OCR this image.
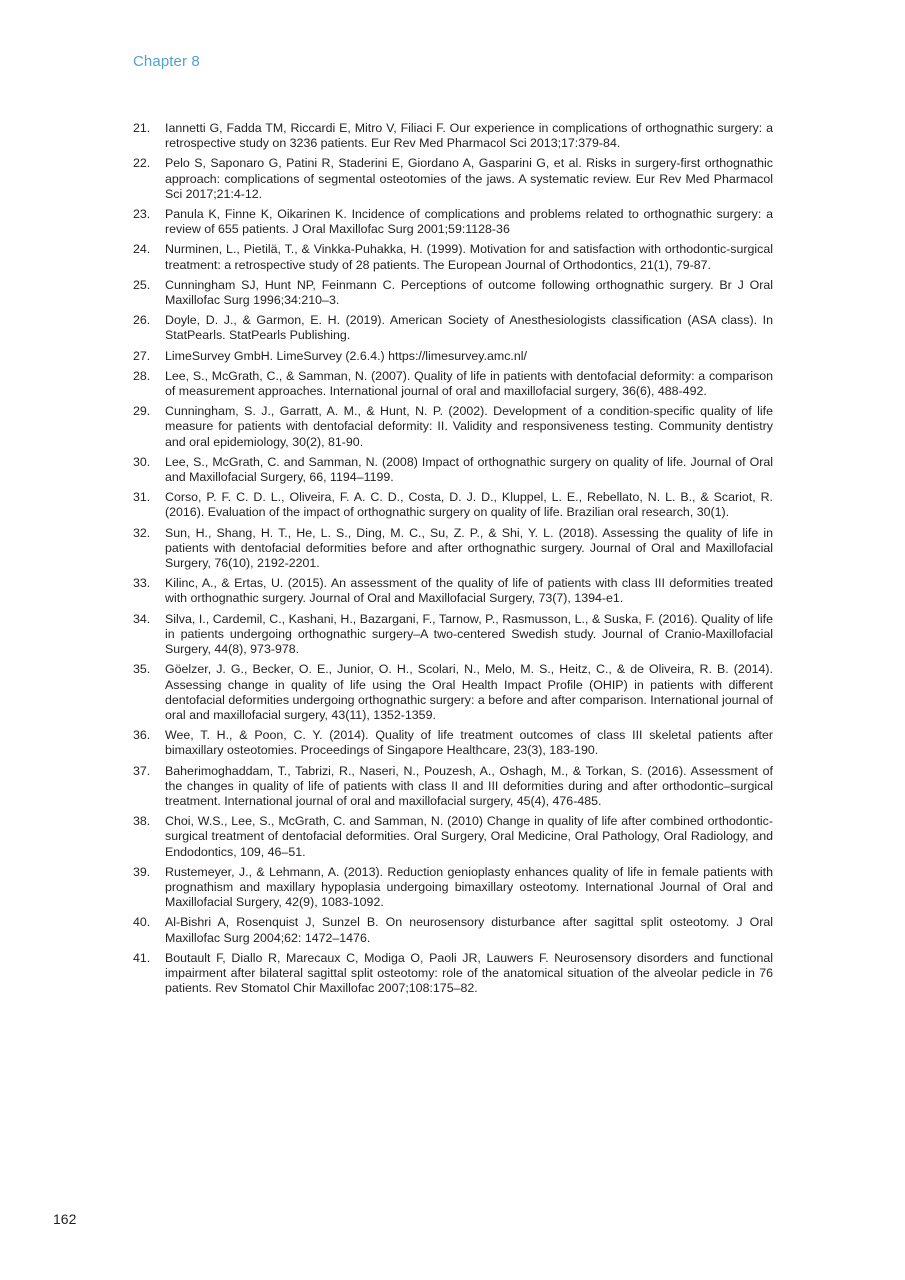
Chapter 8
21.	Iannetti G, Fadda TM, Riccardi E, Mitro V, Filiaci F. Our experience in complications of orthognathic surgery: a retrospective study on 3236 patients. Eur Rev Med Pharmacol Sci 2013;17:379-84.
22.	Pelo S, Saponaro G, Patini R, Staderini E, Giordano A, Gasparini G, et al. Risks in surgery-first orthognathic approach: complications of segmental osteotomies of the jaws. A systematic review. Eur Rev Med Pharmacol Sci 2017;21:4-12.
23.	Panula K, Finne K, Oikarinen K. Incidence of complications and problems related to orthognathic surgery: a review of 655 patients. J Oral Maxillofac Surg 2001;59:1128-36
24.	Nurminen, L., Pietilä, T., & Vinkka-Puhakka, H. (1999). Motivation for and satisfaction with orthodontic-surgical treatment: a retrospective study of 28 patients. The European Journal of Orthodontics, 21(1), 79-87.
25.	Cunningham SJ, Hunt NP, Feinmann C. Perceptions of outcome following orthognathic surgery. Br J Oral Maxillofac Surg 1996;34:210–3.
26.	Doyle, D. J., & Garmon, E. H. (2019). American Society of Anesthesiologists classification (ASA class). In StatPearls. StatPearls Publishing.
27.	LimeSurvey GmbH. LimeSurvey (2.6.4.) https://limesurvey.amc.nl/
28.	Lee, S., McGrath, C., & Samman, N. (2007). Quality of life in patients with dentofacial deformity: a comparison of measurement approaches. International journal of oral and maxillofacial surgery, 36(6), 488-492.
29.	Cunningham, S. J., Garratt, A. M., & Hunt, N. P. (2002). Development of a condition-specific quality of life measure for patients with dentofacial deformity: II. Validity and responsiveness testing. Community dentistry and oral epidemiology, 30(2), 81-90.
30.	Lee, S., McGrath, C. and Samman, N. (2008) Impact of orthognathic surgery on quality of life. Journal of Oral and Maxillofacial Surgery, 66, 1194–1199.
31.	Corso, P. F. C. D. L., Oliveira, F. A. C. D., Costa, D. J. D., Kluppel, L. E., Rebellato, N. L. B., & Scariot, R. (2016). Evaluation of the impact of orthognathic surgery on quality of life. Brazilian oral research, 30(1).
32.	Sun, H., Shang, H. T., He, L. S., Ding, M. C., Su, Z. P., & Shi, Y. L. (2018). Assessing the quality of life in patients with dentofacial deformities before and after orthognathic surgery. Journal of Oral and Maxillofacial Surgery, 76(10), 2192-2201.
33.	Kilinc, A., & Ertas, U. (2015). An assessment of the quality of life of patients with class III deformities treated with orthognathic surgery. Journal of Oral and Maxillofacial Surgery, 73(7), 1394-e1.
34.	Silva, I., Cardemil, C., Kashani, H., Bazargani, F., Tarnow, P., Rasmusson, L., & Suska, F. (2016). Quality of life in patients undergoing orthognathic surgery–A two-centered Swedish study. Journal of Cranio-Maxillofacial Surgery, 44(8), 973-978.
35.	Göelzer, J. G., Becker, O. E., Junior, O. H., Scolari, N., Melo, M. S., Heitz, C., & de Oliveira, R. B. (2014). Assessing change in quality of life using the Oral Health Impact Profile (OHIP) in patients with different dentofacial deformities undergoing orthognathic surgery: a before and after comparison. International journal of oral and maxillofacial surgery, 43(11), 1352-1359.
36.	Wee, T. H., & Poon, C. Y. (2014). Quality of life treatment outcomes of class III skeletal patients after bimaxillary osteotomies. Proceedings of Singapore Healthcare, 23(3), 183-190.
37.	Baherimoghaddam, T., Tabrizi, R., Naseri, N., Pouzesh, A., Oshagh, M., & Torkan, S. (2016). Assessment of the changes in quality of life of patients with class II and III deformities during and after orthodontic–surgical treatment. International journal of oral and maxillofacial surgery, 45(4), 476-485.
38.	Choi, W.S., Lee, S., McGrath, C. and Samman, N. (2010) Change in quality of life after combined orthodontic-surgical treatment of dentofacial deformities. Oral Surgery, Oral Medicine, Oral Pathology, Oral Radiology, and Endodontics, 109, 46–51.
39.	Rustemeyer, J., & Lehmann, A. (2013). Reduction genioplasty enhances quality of life in female patients with prognathism and maxillary hypoplasia undergoing bimaxillary osteotomy. International Journal of Oral and Maxillofacial Surgery, 42(9), 1083-1092.
40.	Al-Bishri A, Rosenquist J, Sunzel B. On neurosensory disturbance after sagittal split osteotomy. J Oral Maxillofac Surg 2004;62: 1472–1476.
41.	Boutault F, Diallo R, Marecaux C, Modiga O, Paoli JR, Lauwers F. Neurosensory disorders and functional impairment after bilateral sagittal split osteotomy: role of the anatomical situation of the alveolar pedicle in 76 patients. Rev Stomatol Chir Maxillofac 2007;108:175–82.
162
